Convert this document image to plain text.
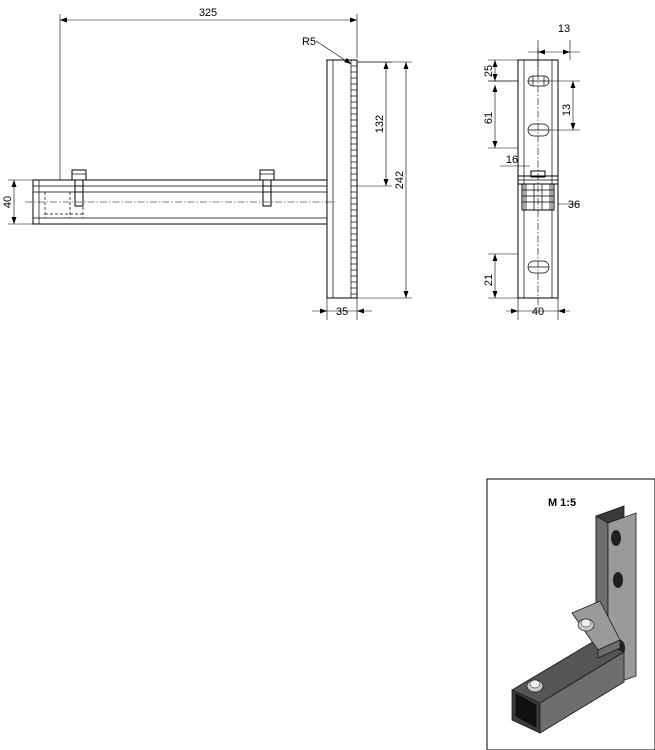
325
R5
132
242
40
35
13
25
61
13
16
36
21
40
M 1:5
